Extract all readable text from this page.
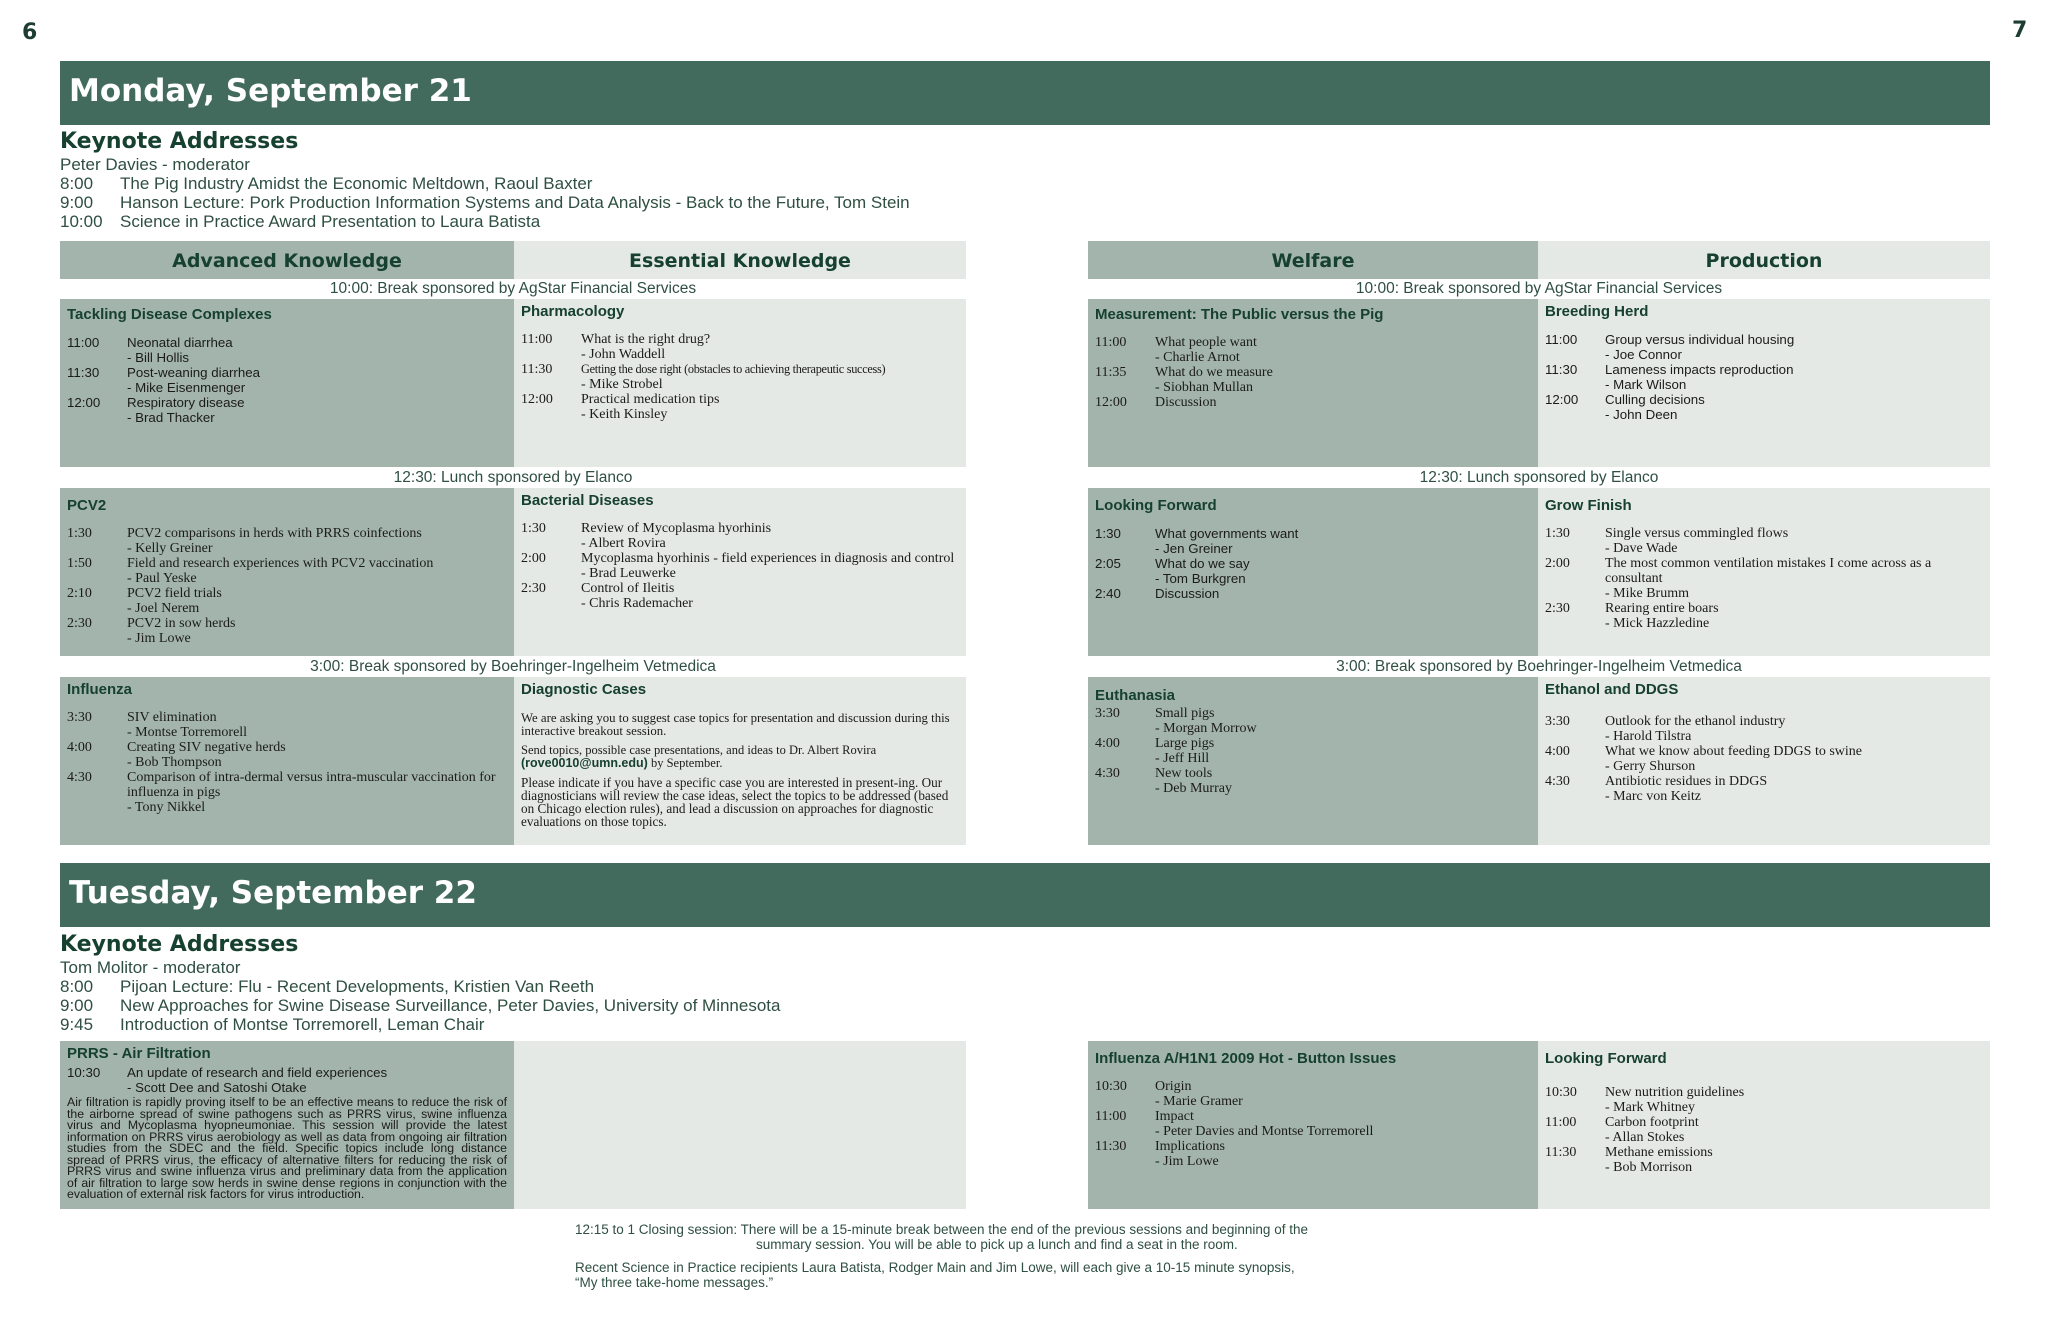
6	7
Monday, September 21
Keynote Addresses
Peter Davies - moderator
8:00 The Pig Industry Amidst the Economic Meltdown, Raoul Baxter
9:00 Hanson Lecture: Pork Production Information Systems and Data Analysis - Back to the Future, Tom Stein
10:00 Science in Practice Award Presentation to Laura Batista
Advanced Knowledge	Essential Knowledge	Welfare	Production
10:00: Break sponsored by AgStar Financial Services	10:00: Break sponsored by AgStar Financial Services
Tackling Disease Complexes
11:00	Neonatal diarrhea
- Bill Hollis
11:30	Post-weaning diarrhea
- Mike Eisenmenger
12:00	Respiratory disease
- Brad Thacker
Pharmacology
11:00	What is the right drug?
- John Waddell
11:30	Getting the dose right (obstacles to achieving therapeutic success)
- Mike Strobel
12:00	Practical medication tips
- Keith Kinsley
Measurement: The Public versus the Pig
11:00	What people want
- Charlie Arnot
11:35	What do we measure
- Siobhan Mullan
12:00	Discussion
Breeding Herd
11:00	Group versus individual housing
- Joe Connor
11:30	Lameness impacts reproduction
- Mark Wilson
12:00	Culling decisions
- John Deen
12:30: Lunch sponsored by Elanco	12:30: Lunch sponsored by Elanco
PCV2
1:30	PCV2 comparisons in herds with PRRS coinfections
- Kelly Greiner
1:50	Field and research experiences with PCV2 vaccination
- Paul Yeske
2:10	PCV2 field trials
- Joel Nerem
2:30	PCV2 in sow herds
- Jim Lowe
Bacterial Diseases
1:30	Review of Mycoplasma hyorhinis
- Albert Rovira
2:00	Mycoplasma hyorhinis - field experiences in diagnosis and control
- Brad Leuwerke
2:30	Control of Ileitis
- Chris Rademacher
Looking Forward
1:30	What governments want
- Jen Greiner
2:05	What do we say
- Tom Burkgren
2:40	Discussion
Grow Finish
1:30	Single versus commingled flows
- Dave Wade
2:00	The most common ventilation mistakes I come across as a consultant
- Mike Brumm
2:30	Rearing entire boars
- Mick Hazzledine
3:00: Break sponsored by Boehringer-Ingelheim Vetmedica	3:00: Break sponsored by Boehringer-Ingelheim Vetmedica
Influenza
3:30	SIV elimination
- Montse Torremorell
4:00	Creating SIV negative herds
- Bob Thompson
4:30	Comparison of intra-dermal versus intra-muscular vaccination for influenza in pigs
- Tony Nikkel
Diagnostic Cases
We are asking you to suggest case topics for presentation and discussion during this interactive breakout session.
Send topics, possible case presentations, and ideas to Dr. Albert Rovira
(rove0010@umn.edu) by September.
Please indicate if you have a specific case you are interested in present-ing. Our diagnosticians will review the case ideas, select the topics to be addressed (based on Chicago election rules), and lead a discussion on approaches for diagnostic evaluations on those topics.
Euthanasia
3:30	Small pigs
- Morgan Morrow
4:00	Large pigs
- Jeff Hill
4:30	New tools
- Deb Murray
Ethanol and DDGS
3:30	Outlook for the ethanol industry
- Harold Tilstra
4:00	What we know about feeding DDGS to swine
- Gerry Shurson
4:30	Antibiotic residues in DDGS
- Marc von Keitz
Tuesday, September 22
Keynote Addresses
Tom Molitor - moderator
8:00 Pijoan Lecture: Flu - Recent Developments, Kristien Van Reeth
9:00 New Approaches for Swine Disease Surveillance, Peter Davies, University of Minnesota
9:45 Introduction of Montse Torremorell, Leman Chair
PRRS - Air Filtration
10:30	An update of research and field experiences
- Scott Dee and Satoshi Otake
Air filtration is rapidly proving itself to be an effective means to reduce the risk of the airborne spread of swine pathogens such as PRRS virus, swine influenza virus and Mycoplasma hyopneumoniae. This session will provide the latest information on PRRS virus aerobiology as well as data from ongoing air filtration studies from the SDEC and the field. Specific topics include long distance spread of PRRS virus, the efficacy of alternative filters for reducing the risk of PRRS virus and swine influenza virus and preliminary data from the application of air filtration to large sow herds in swine dense regions in conjunction with the evaluation of external risk factors for virus introduction.
Influenza A/H1N1 2009 Hot - Button Issues
10:30	Origin
- Marie Gramer
11:00	Impact
- Peter Davies and Montse Torremorell
11:30	Implications
- Jim Lowe
Looking Forward
10:30	New nutrition guidelines
- Mark Whitney
11:00	Carbon footprint
- Allan Stokes
11:30	Methane emissions
- Bob Morrison
12:15 to 1 Closing session: There will be a 15-minute break between the end of the previous sessions and beginning of the
summary session. You will be able to pick up a lunch and find a seat in the room.
Recent Science in Practice recipients Laura Batista, Rodger Main and Jim Lowe, will each give a 10-15 minute synopsis,
“My three take-home messages.”
